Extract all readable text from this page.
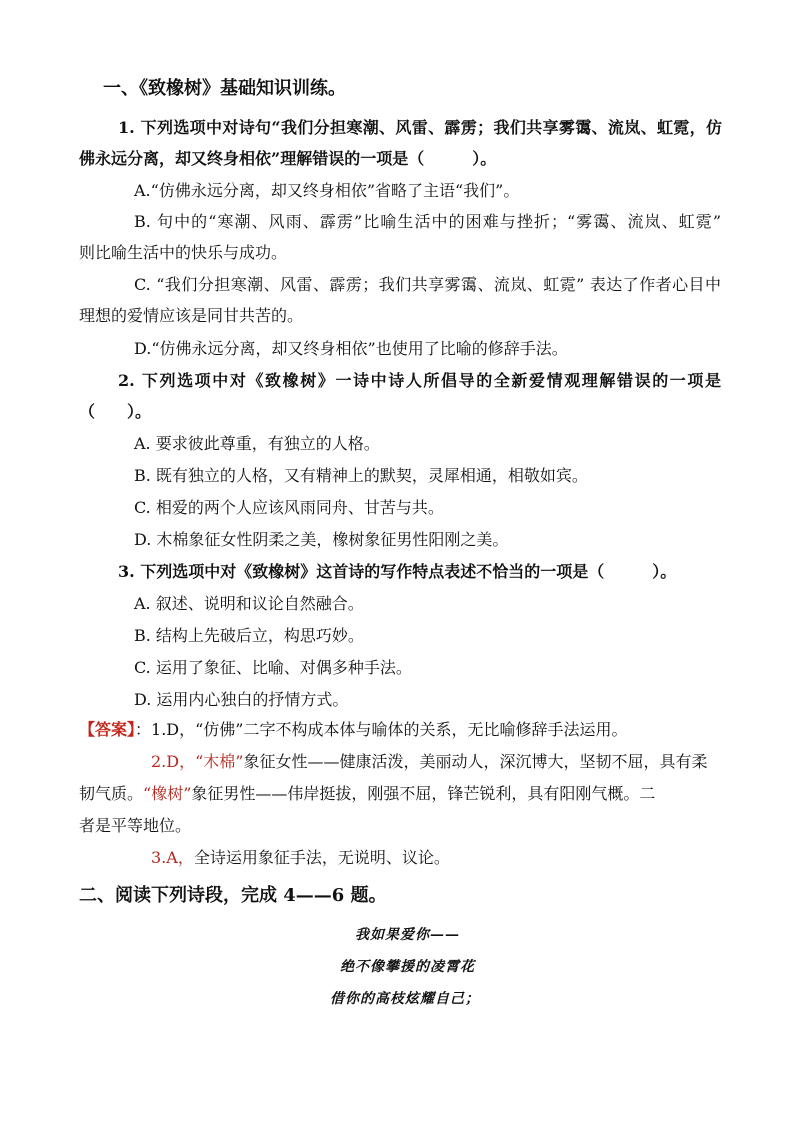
一、《致橡树》基础知识训练。
1. 下列选项中对诗句“我们分担寒潮、风雷、霹雳；我们共享雾霭、流岚、虹霓，仿
佛永远分离，却又终身相依”理解错误的一项是（　　　）。
A.“仿佛永远分离，却又终身相依”省略了主语“我们”。
B. 句中的“寒潮、风雨、霹雳”比喻生活中的困难与挫折；“雾霭、流岚、虹霓”
则比喻生活中的快乐与成功。
C. “我们分担寒潮、风雷、霹雳；我们共享雾霭、流岚、虹霓” 表达了作者心目中
理想的爱情应该是同甘共苦的。
D.“仿佛永远分离，却又终身相依”也使用了比喻的修辞手法。
2. 下列选项中对《致橡树》一诗中诗人所倡导的全新爱情观理解错误的一项是
（　　）。
A. 要求彼此尊重，有独立的人格。
B. 既有独立的人格，又有精神上的默契，灵犀相通，相敬如宾。
C. 相爱的两个人应该风雨同舟、甘苦与共。
D. 木棉象征女性阴柔之美，橡树象征男性阳刚之美。
3. 下列选项中对《致橡树》这首诗的写作特点表述不恰当的一项是（　　　）。
A. 叙述、说明和议论自然融合。
B. 结构上先破后立，构思巧妙。
C. 运用了象征、比喻、对偶多种手法。
D. 运用内心独白的抒情方式。
【答案】：1.D，“仿佛”二字不构成本体与喻体的关系，无比喻修辞手法运用。
2.D，“木棉”象征女性——健康活泼，美丽动人，深沉博大，坚韧不屈，具有柔
韧气质。“橡树”象征男性——伟岸挺拔，刚强不屈，锋芒锐利，具有阳刚气概。二
者是平等地位。
3.A，全诗运用象征手法，无说明、议论。
二、阅读下列诗段，完成 4——6 题。
我如果爱你——
绝不像攀援的凌霄花
借你的高枝炫耀自己；
